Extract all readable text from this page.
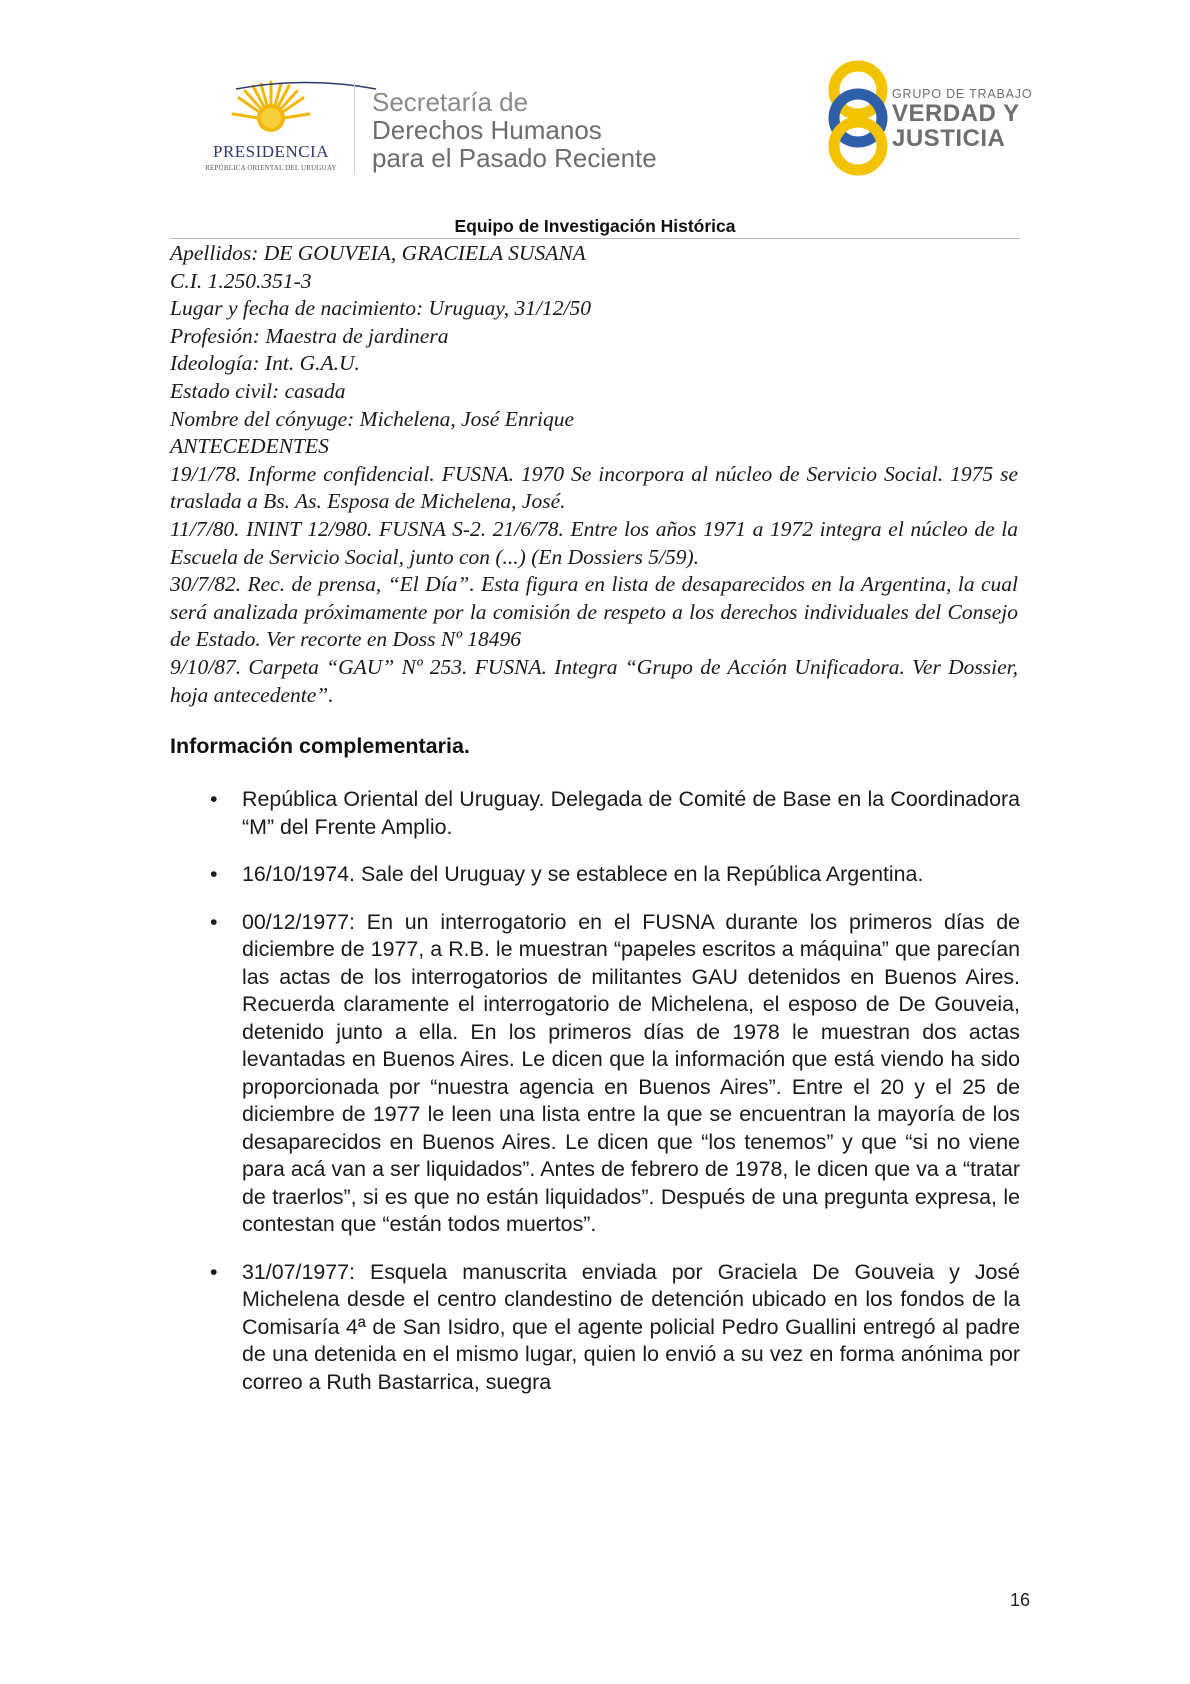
PRESIDENCIA
REPÚBLICA ORIENTAL DEL URUGUAY
Secretaría de
Derechos Humanos
para el Pasado Reciente
GRUPO DE TRABAJO
VERDAD Y
JUSTICIA
Equipo de Investigación Histórica

Apellidos: DE GOUVEIA, GRACIELA SUSANA

C.I. 1.250.351-3

Lugar y fecha de nacimiento: Uruguay, 31/12/50

Profesión: Maestra de jardinera

Ideología: Int. G.A.U.

Estado civil: casada

Nombre del cónyuge: Michelena, José Enrique

ANTECEDENTES

19/1/78. Informe confidencial. FUSNA. 1970 Se incorpora al núcleo de Servicio Social. 1975 se traslada a Bs. As. Esposa de Michelena, José.

11/7/80. ININT 12/980. FUSNA S-2. 21/6/78. Entre los años 1971 a 1972 integra el núcleo de la Escuela de Servicio Social, junto con (...) (En Dossiers 5/59).

30/7/82. Rec. de prensa, “El Día”. Esta figura en lista de desaparecidos en la Argentina, la cual será analizada próximamente por la comisión de respeto a los derechos individuales del Consejo de Estado. Ver recorte en Doss Nº 18496

9/10/87. Carpeta “GAU” Nº 253. FUSNA. Integra “Grupo de Acción Unificadora. Ver Dossier, hoja antecedente”.

Información complementaria.
• República Oriental del Uruguay. Delegada de Comité de Base en la Coordinadora “M” del Frente Amplio.
• 16/10/1974. Sale del Uruguay y se establece en la República Argentina.
• 00/12/1977: En un interrogatorio en el FUSNA durante los primeros días de diciembre de 1977, a R.B. le muestran “papeles escritos a máquina” que parecían las actas de los interrogatorios de militantes GAU detenidos en Buenos Aires. Recuerda claramente el interrogatorio de Michelena, el esposo de De Gouveia, detenido junto a ella. En los primeros días de 1978 le muestran dos actas levantadas en Buenos Aires. Le dicen que la información que está viendo ha sido proporcionada por “nuestra agencia en Buenos Aires”. Entre el 20 y el 25 de diciembre de 1977 le leen una lista entre la que se encuentran la mayoría de los desaparecidos en Buenos Aires. Le dicen que “los tenemos” y que “si no viene para acá van a ser liquidados”. Antes de febrero de 1978, le dicen que va a “tratar de traerlos”, si es que no están liquidados”. Después de una pregunta expresa, le contestan que “están todos muertos”.
• 31/07/1977: Esquela manuscrita enviada por Graciela De Gouveia y José Michelena desde el centro clandestino de detención ubicado en los fondos de la Comisaría 4ª de San Isidro, que el agente policial Pedro Guallini entregó al padre de una detenida en el mismo lugar, quien lo envió a su vez en forma anónima por correo a Ruth Bastarrica, suegra
16
